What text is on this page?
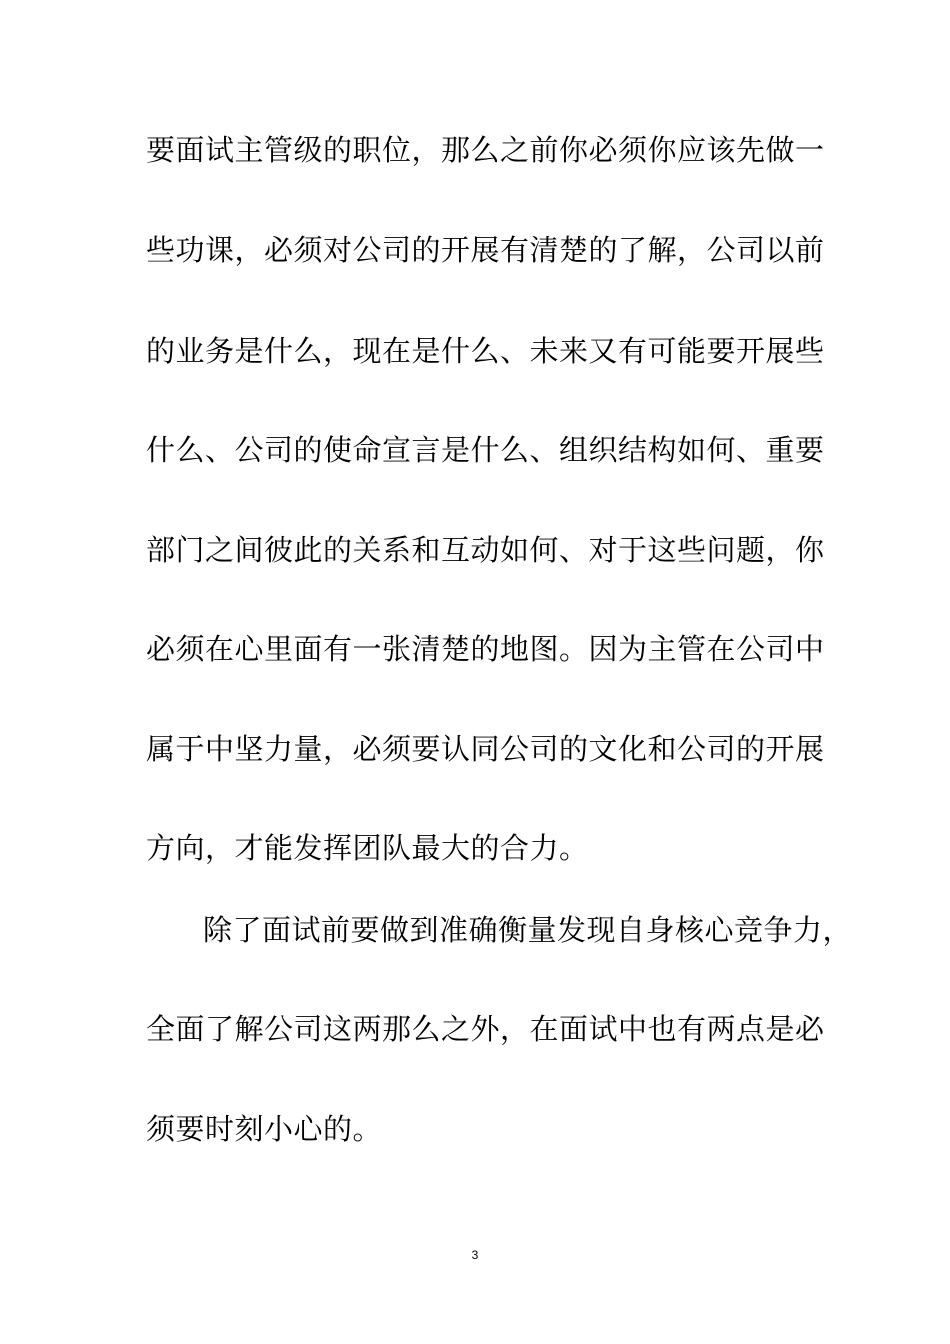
要面试主管级的职位，那么之前你必须你应该先做一
些功课，必须对公司的开展有清楚的了解，公司以前
的业务是什么，现在是什么、未来又有可能要开展些
什么、公司的使命宣言是什么、组织结构如何、重要
部门之间彼此的关系和互动如何、对于这些问题，你
必须在心里面有一张清楚的地图。因为主管在公司中
属于中坚力量，必须要认同公司的文化和公司的开展
方向，才能发挥团队最大的合力。
除了面试前要做到准确衡量发现自身核心竞争力，
全面了解公司这两那么之外，在面试中也有两点是必
须要时刻小心的。
3
